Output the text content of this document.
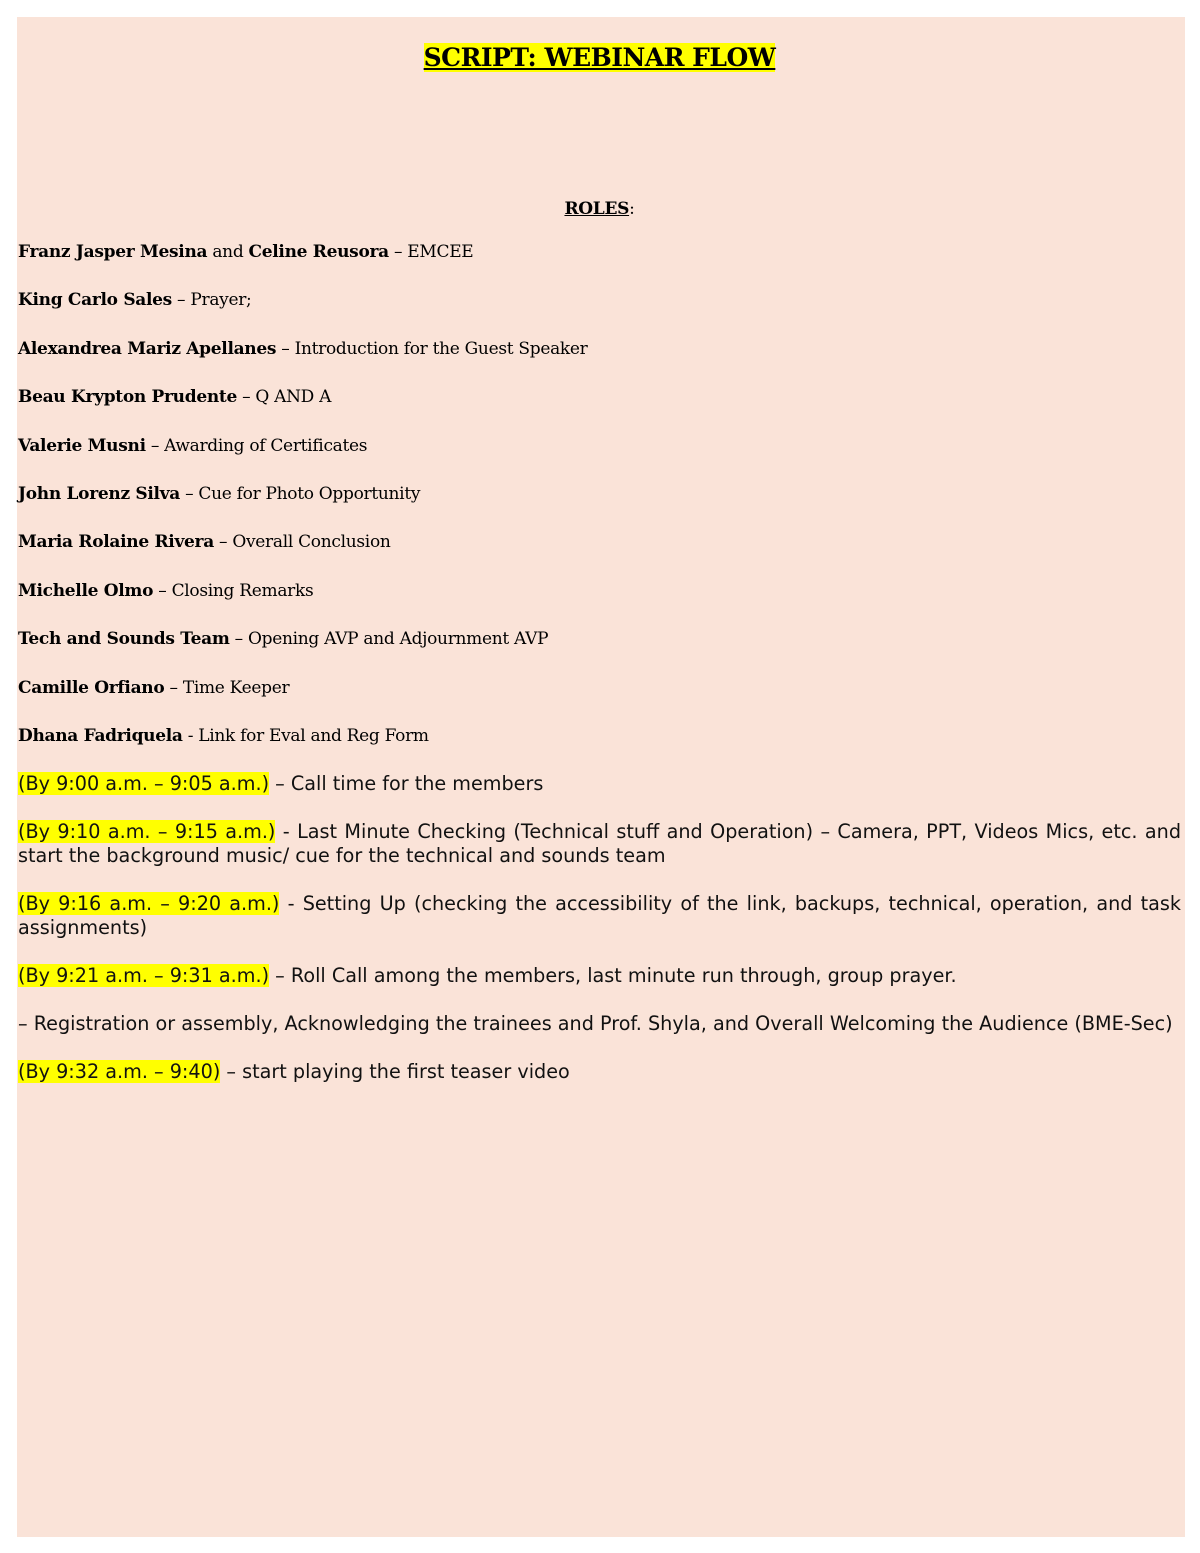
SCRIPT: WEBINAR FLOW
ROLES:
Franz Jasper Mesina and Celine Reusora – EMCEE
King Carlo Sales – Prayer;
Alexandrea Mariz Apellanes – Introduction for the Guest Speaker
Beau Krypton Prudente – Q AND A
Valerie Musni – Awarding of Certificates
John Lorenz Silva – Cue for Photo Opportunity
Maria Rolaine Rivera – Overall Conclusion
Michelle Olmo – Closing Remarks
Tech and Sounds Team – Opening AVP and Adjournment AVP
Camille Orfiano – Time Keeper
Dhana Fadriquela - Link for Eval and Reg Form

(By 9:00 a.m. – 9:05 a.m.) – Call time for the members

(By 9:10 a.m. – 9:15 a.m.) - Last Minute Checking (Technical stuff and Operation) – Camera, PPT, Videos Mics, etc. and start the background music/ cue for the technical and sounds team

(By 9:16 a.m. – 9:20 a.m.) - Setting Up (checking the accessibility of the link, backups, technical, operation, and task assignments)

(By 9:21 a.m. – 9:31 a.m.) – Roll Call among the members, last minute run through, group prayer.

– Registration or assembly, Acknowledging the trainees and Prof. Shyla, and Overall Welcoming the Audience (BME-Sec)

(By 9:32 a.m. – 9:40) – start playing the first teaser video
